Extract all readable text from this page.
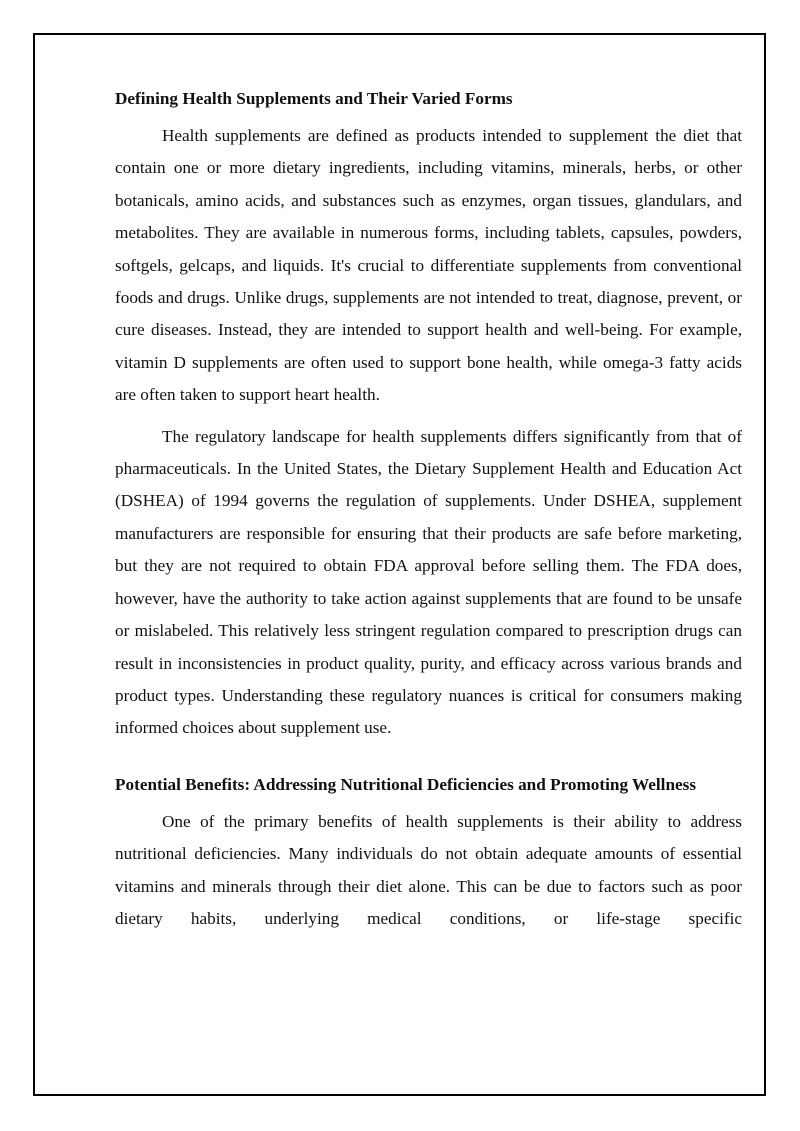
Defining Health Supplements and Their Varied Forms

Health supplements are defined as products intended to supplement the diet that contain one or more dietary ingredients, including vitamins, minerals, herbs, or other botanicals, amino acids, and substances such as enzymes, organ tissues, glandulars, and metabolites. They are available in numerous forms, including tablets, capsules, powders, softgels, gelcaps, and liquids. It's crucial to differentiate supplements from conventional foods and drugs. Unlike drugs, supplements are not intended to treat, diagnose, prevent, or cure diseases. Instead, they are intended to support health and well-being. For example, vitamin D supplements are often used to support bone health, while omega-3 fatty acids are often taken to support heart health.

The regulatory landscape for health supplements differs significantly from that of pharmaceuticals. In the United States, the Dietary Supplement Health and Education Act (DSHEA) of 1994 governs the regulation of supplements. Under DSHEA, supplement manufacturers are responsible for ensuring that their products are safe before marketing, but they are not required to obtain FDA approval before selling them. The FDA does, however, have the authority to take action against supplements that are found to be unsafe or mislabeled. This relatively less stringent regulation compared to prescription drugs can result in inconsistencies in product quality, purity, and efficacy across various brands and product types. Understanding these regulatory nuances is critical for consumers making informed choices about supplement use.

Potential Benefits: Addressing Nutritional Deficiencies and Promoting Wellness

One of the primary benefits of health supplements is their ability to address nutritional deficiencies. Many individuals do not obtain adequate amounts of essential vitamins and minerals through their diet alone. This can be due to factors such as poor dietary habits, underlying medical conditions, or life-stage specific
